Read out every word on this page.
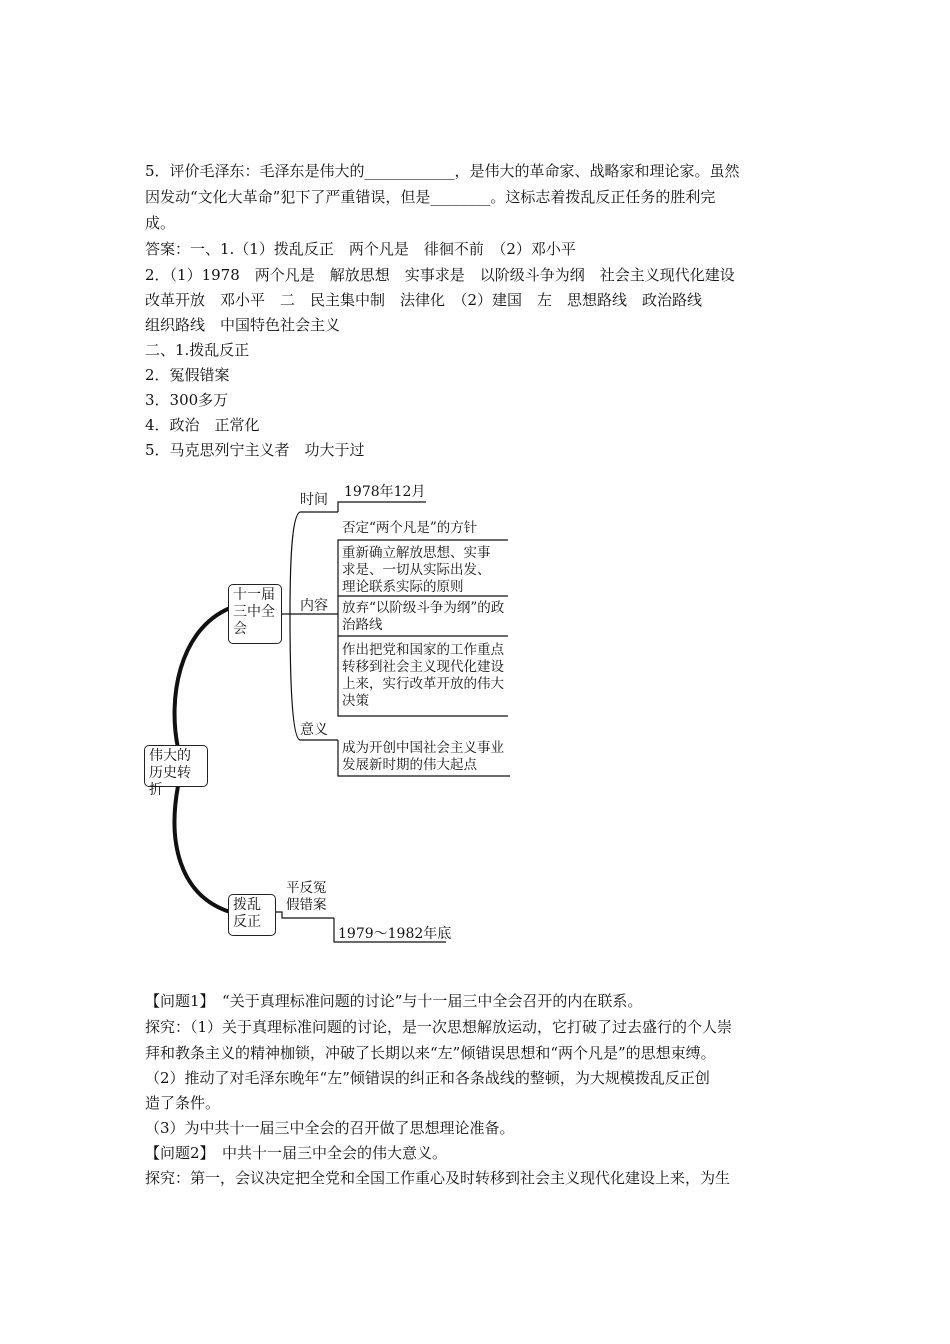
5．评价毛泽东：毛泽东是伟大的____________，是伟大的革命家、战略家和理论家。虽然
因发动“文化大革命”犯下了严重错误，但是________。这标志着拨乱反正任务的胜利完
成。
答案：一、1.（1）拨乱反正　两个凡是　徘徊不前　（2）邓小平
2．（1）1978　两个凡是　解放思想　实事求是　以阶级斗争为纲　社会主义现代化建设
改革开放　邓小平　二　民主集中制　法律化　（2）建国　左　思想路线　政治路线
组织路线　中国特色社会主义
二、1.拨乱反正
2．冤假错案
3．300多万
4．政治　正常化
5．马克思列宁主义者　功大于过
伟大的历史转折
十一届三中全会
时间 1978年12月
内容
否定“两个凡是”的方针
重新确立解放思想、实事求是、一切从实际出发、理论联系实际的原则
放弃“以阶级斗争为纲”的政治路线
作出把党和国家的工作重点转移到社会主义现代化建设上来，实行改革开放的伟大决策
意义
成为开创中国社会主义事业发展新时期的伟大起点
拨乱反正
平反冤假错案
1979～1982年底
【问题1】　“关于真理标准问题的讨论”与十一届三中全会召开的内在联系。
探究：（1）关于真理标准问题的讨论，是一次思想解放运动，它打破了过去盛行的个人崇
拜和教条主义的精神枷锁，冲破了长期以来“左”倾错误思想和“两个凡是”的思想束缚。
（2）推动了对毛泽东晚年“左”倾错误的纠正和各条战线的整顿，为大规模拨乱反正创
造了条件。
（3）为中共十一届三中全会的召开做了思想理论准备。
【问题2】　中共十一届三中全会的伟大意义。
探究：第一，会议决定把全党和全国工作重心及时转移到社会主义现代化建设上来，为生
